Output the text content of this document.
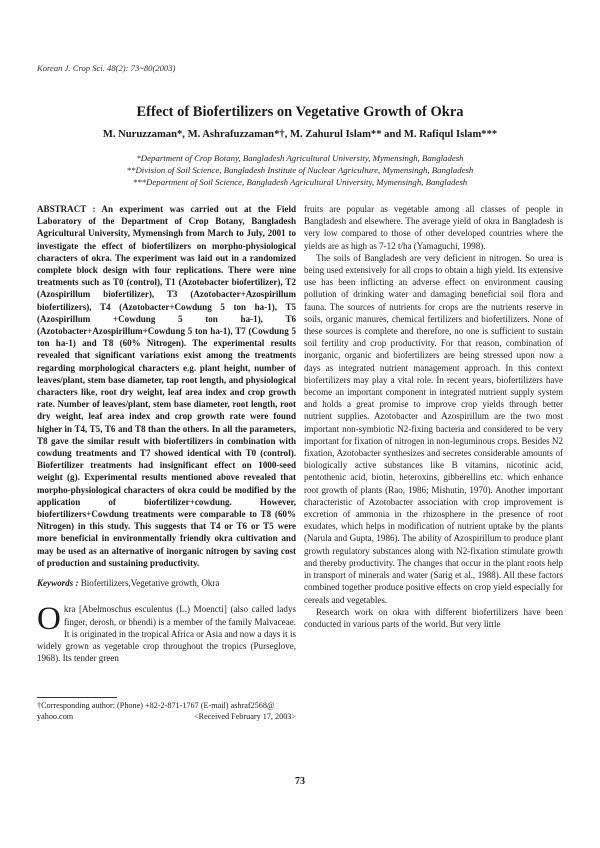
Korean J. Crop Sci. 48(2): 73~80(2003)
Effect of Biofertilizers on Vegetative Growth of Okra
M. Nuruzzaman*, M. Ashrafuzzaman*†, M. Zahurul Islam** and M. Rafiqul Islam***
*Department of Crop Botany, Bangladesh Agricultural University, Mymensingh, Bangladesh
**Division of Soil Science, Bangladesh Institute of Nuclear Agriculture, Mymensingh, Bangladesh
***Department of Soil Science, Bangladesh Agricultural University, Mymensingh, Bangladesh

ABSTRACT : An experiment was carried out at the Field Laboratory of the Department of Crop Botany, Bangladesh Agricultural University, Mymensingh from March to July, 2001 to investigate the effect of biofertilizers on morpho-physiological characters of okra. The experiment was laid out in a randomized complete block design with four replications. There were nine treatments such as T0 (control), T1 (Azotobacter biofertilizer), T2 (Azospirillum biofertilizer), T3 (Azotobacter+Azospirillum biofertilizers), T4 (Azotobacter+Cowdung 5 ton ha-1), T5 (Azospirillum +Cowdung 5 ton ha-1), T6 (Azotobacter+Azospirillum+Cowdung 5 ton ha-1), T7 (Cowdung 5 ton ha-1) and T8 (60% Nitrogen). The experimental results revealed that significant variations exist among the treatments regarding morphological characters e.g. plant height, number of leaves/plant, stem base diameter, tap root length, and physiological characters like, root dry weight, leaf area index and crop growth rate. Number of leaves/plant, stem base diameter, root length, root dry weight, leaf area index and crop growth rate were found higher in T4, T5, T6 and T8 than the others. In all the parameters, T8 gave the similar result with biofertilizers in combination with cowdung treatments and T7 showed identical with T0 (control). Biofertilizer treatments had insignificant effect on 1000-seed weight (g). Experimental results mentioned above revealed that morpho-physiological characters of okra could be modified by the application of biofertilizer+cowdung. However, biofertilizers+Cowdung treatments were comparable to T8 (60% Nitrogen) in this study. This suggests that T4 or T6 or T5 were more beneficial in environmentally friendly okra cultivation and may be used as an alternative of inorganic nitrogen by saving cost of production and sustaining productivity.

Keywords : Biofertilizers,Vegetative growth, Okra

Okra [Abelmoschus esculentus (L.) Moencti] (also called ladys finger, derosh, or bhendi) is a member of the family Malvaceae. It is originated in the tropical Africa or Asia and now a days it is widely grown as vegetable crop throughout the tropics (Purseglove, 1968). Its tender green

†Corresponding author: (Phone) +82-2-871-1767 (E-mail) ashraf2568@
yahoo.com	<Received February 17, 2003>

fruits are popular as vegetable among all classes of people in Bangladesh and elsewhere. The average yield of okra in Bangladesh is very low compared to those of other developed countries where the yields are as high as 7-12 t/ha (Yamaguchi, 1998).

The soils of Bangladesh are very deficient in nitrogen. So urea is being used extensively for all crops to obtain a high yield. Its extensive use has been inflicting an adverse effect on environment causing pollution of drinking water and damaging beneficial soil flora and fauna. The sources of nutrients for crops are the nutrients reserve in soils, organic manures, chemical fertilizers and biofertilizers. None of these sources is complete and therefore, no one is sufficient to sustain soil fertility and crop productivity. For that reason, combination of inorganic, organic and biofertilizers are being stressed upon now a days as integrated nutrient management approach. In this context biofertilizers may play a vital role. In recent years, biofertilizers have become an important component in integrated nutrient supply system and holds a great promise to improve crop yields through better nutrient supplies. Azotobacter and Azospirillum are the two most important non-symbiotic N2-fixing bacteria and considered to be very important for fixation of nitrogen in non-leguminous crops. Besides N2 fixation, Azotobacter synthesizes and secretes considerable amounts of biologically active substances like B vitamins, nicotinic acid, pentothenic acid, biotin, heteroxins, gibberellins etc. which enhance root growth of plants (Rao, 1986; Mishutin, 1970). Another important characteristic of Azotobacter association with crop improvement is excretion of ammonia in the rhizosphere in the presence of root exudates, which helps in modification of nutrient uptake by the plants (Narula and Gupta, 1986). The ability of Azospirillum to produce plant growth regulatory substances along with N2-fixation stimulate growth and thereby productivity. The changes that occur in the plant roots help in transport of minerals and water (Sarig et al., 1988). All these factors combined together produce positive effects on crop yield especially for cereals and vegetables.

Research work on okra with different biofertilizers have been conducted in various parts of the world. But very little

73
